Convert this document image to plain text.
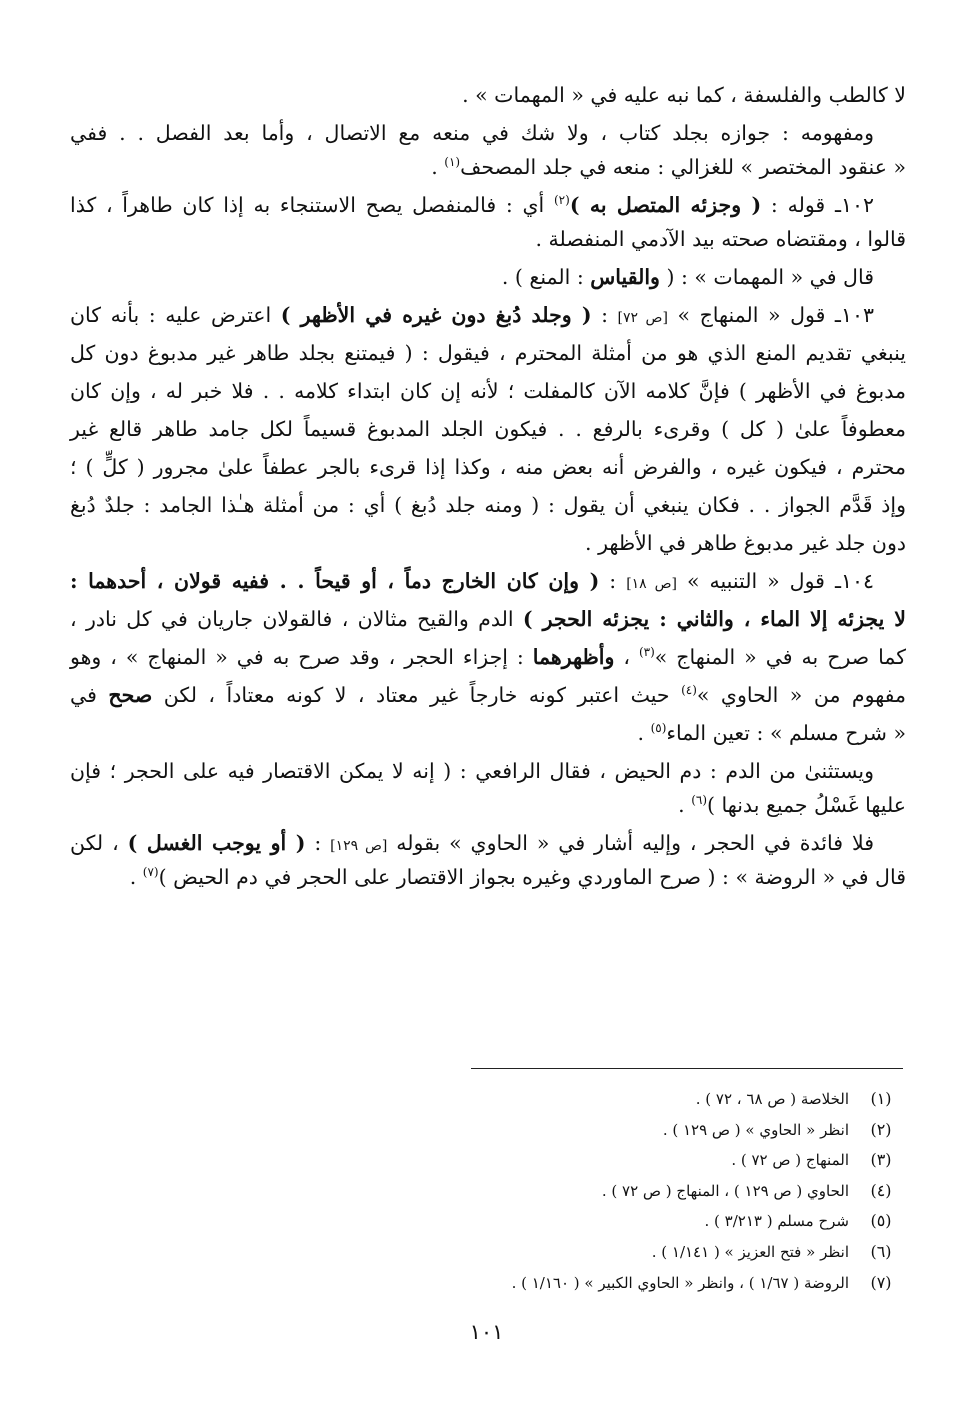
لا كالطب والفلسفة ، كما نبه عليه في « المهمات » .
ومفهومه : جوازه بجلد كتاب ، ولا شك في منعه مع الاتصال ، وأما بعد الفصل . . ففي
« عنقود المختصر » للغزالي : منعه في جلد المصحف$^{(١)}$ .
١٠٢ـ قوله : ( وجزئه المتصل به )$^{(٢)}$ أي : فالمنفصل يصح الاستنجاء به إذا كان طاهراً ، كذا
قالوا ، ومقتضاه صحته بيد الآدمي المنفصلة .
قال في « المهمات » : ( والقياس : المنع ) .
١٠٣ـ قول « المنهاج » [ص ٧٢] : ( وجلد دُبغ دون غيره في الأظهر ) اعترض عليه : بأنه كان
ينبغي تقديم المنع الذي هو من أمثلة المحترم ، فيقول : ( فيمتنع بجلد طاهر غير مدبوغ دون كل
مدبوغ في الأظهر ) فإنَّ كلامه الآن كالمفلت ؛ لأنه إن كان ابتداء كلامه . . فلا خبر له ، وإن كان
معطوفاً علىٰ ( كل ) وقرىء بالرفع . . فيكون الجلد المدبوغ قسيماً لكل جامد طاهر قالع غير
محترم ، فيكون غيره ، والفرض أنه بعض منه ، وكذا إذا قرىء بالجر عطفاً علىٰ مجرور ( كلٍّ ) ؛
وإذ قَدَّم الجواز . . فكان ينبغي أن يقول : ( ومنه جلد دُبغ ) أي : من أمثلة هـٰذا الجامد : جلدٌ دُبغ
دون جلد غير مدبوغ طاهر في الأظهر .
١٠٤ـ قول « التنبيه » [ص ١٨] : ( وإن كان الخارج دماً ، أو قيحاً . . ففيه قولان ، أحدهما :
لا يجزئه إلا الماء ، والثاني : يجزئه الحجر ) الدم والقيح مثالان ، فالقولان جاريان في كل نادر ،
كما صرح به في « المنهاج »$^{(٣)}$ ، وأظهرهما : إجزاء الحجر ، وقد صرح به في « المنهاج » ، وهو
مفهوم من « الحاوي »$^{(٤)}$ حيث اعتبر كونه خارجاً غير معتاد ، لا كونه معتاداً ، لكن صحح في
« شرح مسلم » : تعين الماء$^{(٥)}$ .
ويستثنىٰ من الدم : دم الحيض ، فقال الرافعي : ( إنه لا يمكن الاقتصار فيه على الحجر ؛ فإن
عليها غَسْلُ جميع بدنها )$^{(٦)}$ .
فلا فائدة في الحجر ، وإليه أشار في « الحاوي » بقوله [ص ١٢٩] : ( أو يوجب الغسل ) ، لكن
قال في « الروضة » : ( صرح الماوردي وغيره بجواز الاقتصار على الحجر في دم الحيض )$^{(٧)}$ .
(١)الخلاصة ( ص ٦٨ ، ٧٢ ) .
(٢)انظر « الحاوي » ( ص ١٢٩ ) .
(٣)المنهاج ( ص ٧٢ ) .
(٤)الحاوي ( ص ١٢٩ ) ، المنهاج ( ص ٧٢ ) .
(٥)شرح مسلم ( ٣/٢١٣ ) .
(٦)انظر « فتح العزيز » ( ١/١٤١ ) .
(٧)الروضة ( ١/٦٧ ) ، وانظر « الحاوي الكبير » ( ١/١٦٠ ) .
١٠١
